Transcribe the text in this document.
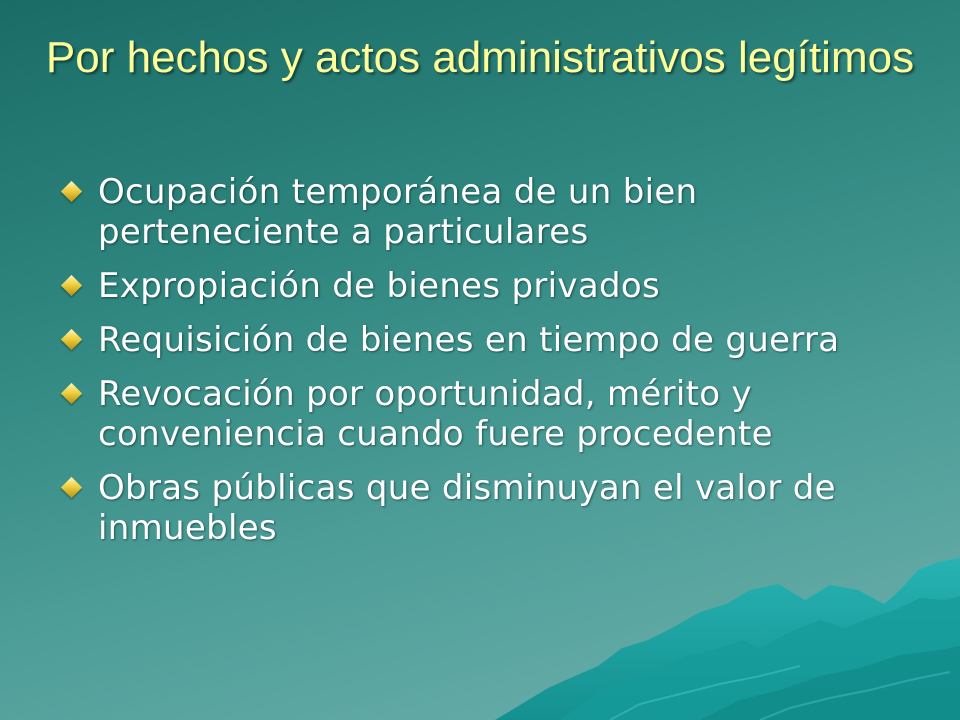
Por hechos y actos administrativos legítimos
Ocupación temporánea de un bien perteneciente a particulares
Expropiación de bienes privados
Requisición de bienes en tiempo de guerra
Revocación por oportunidad, mérito y conveniencia cuando fuere procedente
Obras públicas que disminuyan el valor de inmuebles
